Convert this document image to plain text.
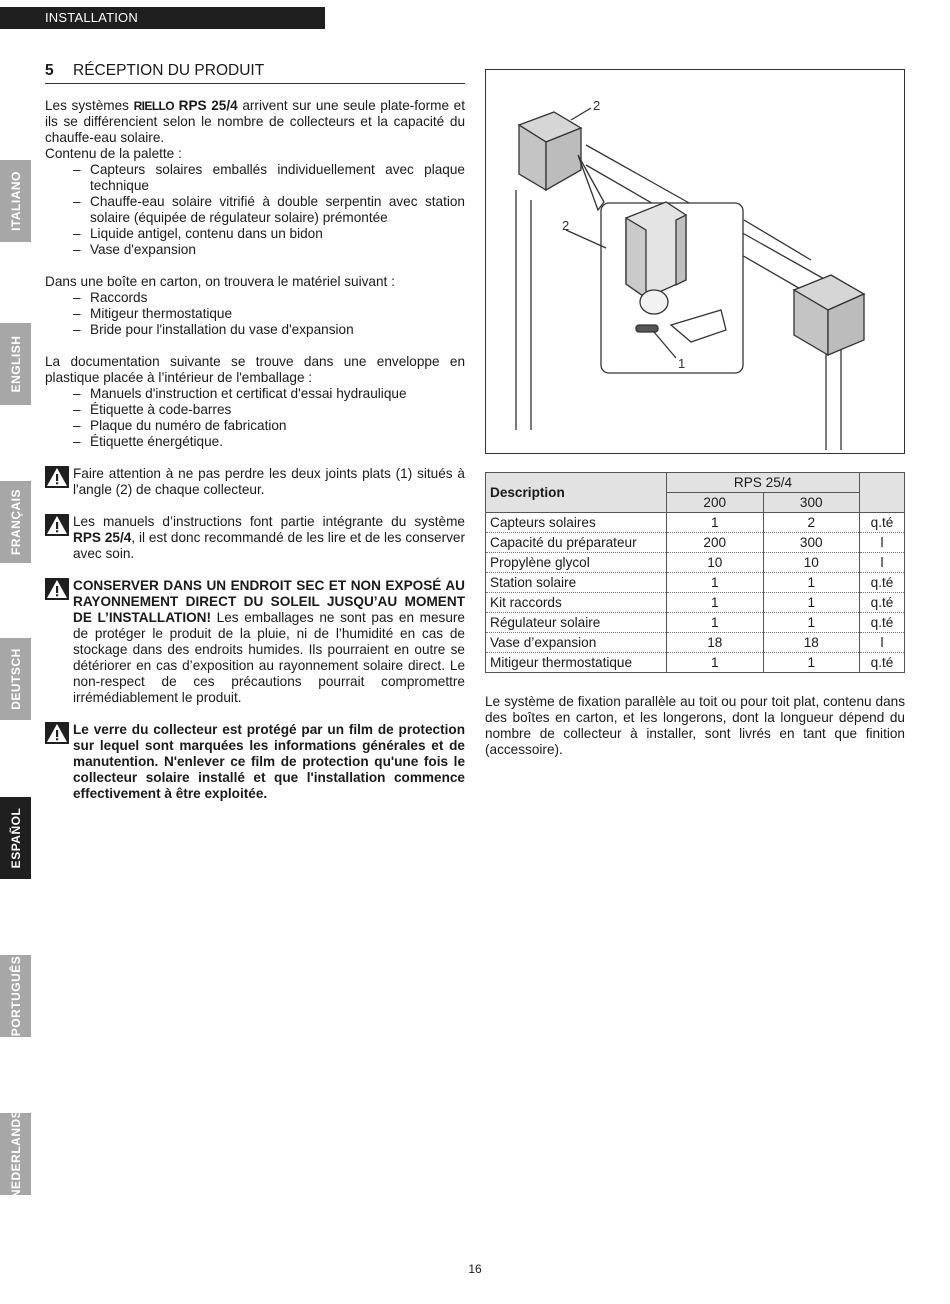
INSTALLATION
5 RÉCEPTION DU PRODUIT
ITALIANO
ENGLISH
FRANÇAIS
DEUTSCH
ESPAÑOL
PORTUGUÊS
NEDERLANDS

Les systèmes RIELLO RPS 25/4 arrivent sur une seule plate-forme et ils se différencient selon le nombre de collecteurs et la capacité du chauffe-eau solaire.

Contenu de la palette :

– Capteurs solaires emballés individuellement avec plaque technique
– Chauffe-eau solaire vitrifié à double serpentin avec station solaire (équipée de régulateur solaire) prémontée
– Liquide antigel, contenu dans un bidon
– Vase d'expansion

Dans une boîte en carton, on trouvera le matériel suivant :

– Raccords
– Mitigeur thermostatique
– Bride pour l'installation du vase d'expansion

La documentation suivante se trouve dans une enveloppe en plastique placée à l’intérieur de l'emballage :

– Manuels d'instruction et certificat d'essai hydraulique
– Étiquette à code-barres
– Plaque du numéro de fabrication
– Étiquette énergétique.

Faire attention à ne pas perdre les deux joints plats (1) situés à l'angle (2) de chaque collecteur.

Les manuels d’instructions font partie intégrante du système RPS 25/4, il est donc recommandé de les lire et de les conserver avec soin.

CONSERVER DANS UN ENDROIT SEC ET NON EXPOSÉ AU RAYONNEMENT DIRECT DU SOLEIL JUSQU’AU MOMENT DE L’INSTALLATION! Les emballages ne sont pas en mesure de protéger le produit de la pluie, ni de l’humidité en cas de stockage dans des endroits humides. Ils pourraient en outre se détériorer en cas d’exposition au rayonnement solaire direct. Le non-respect de ces précautions pourrait compromettre irrémédiablement le produit.

Le verre du collecteur est protégé par un film de protection sur lequel sont marquées les informations générales et de manutention. N'enlever ce film de protection qu'une fois le collecteur solaire installé et que l'installation commence effectivement à être exploitée.

2
2
1
Description	RPS 25/4		
	200	300	
Capteurs solaires	1	2	q.té
Capacité du préparateur	200	300	l
Propylène glycol	10	10	l
Station solaire	1	1	q.té
Kit raccords	1	1	q.té
Régulateur solaire	1	1	q.té
Vase d’expansion	18	18	l
Mitigeur thermostatique	1	1	q.té

Le système de fixation parallèle au toit ou pour toit plat, contenu dans des boîtes en carton, et les longerons, dont la longueur dépend du nombre de collecteur à installer, sont livrés en tant que finition (accessoire).

16
